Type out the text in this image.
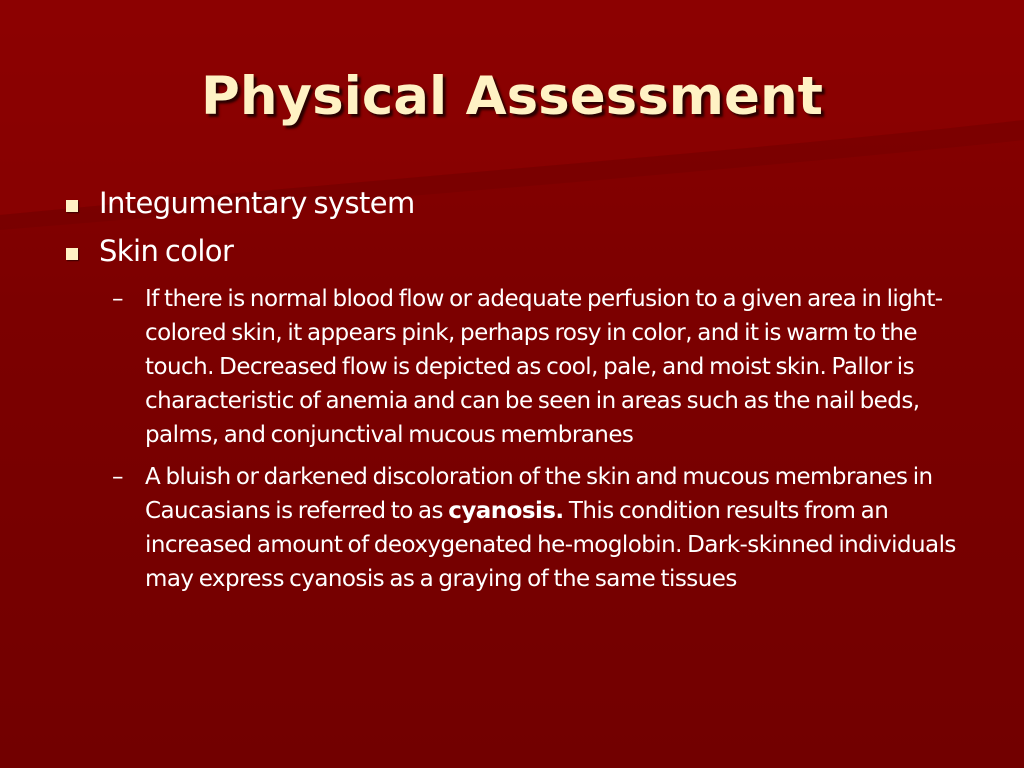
Physical Assessment
Integumentary system
Skin color
– If there is normal blood flow or adequate perfusion to a given area in light-colored skin, it appears pink, perhaps rosy in color, and it is warm to the touch. Decreased flow is depicted as cool, pale, and moist skin. Pallor is characteristic of anemia and can be seen in areas such as the nail beds, palms, and conjunctival mucous membranes
– A bluish or darkened discoloration of the skin and mucous membranes in Caucasians is referred to as cyanosis. This condition results from an increased amount of deoxygenated he-moglobin. Dark-skinned individuals may express cyanosis as a graying of the same tissues
